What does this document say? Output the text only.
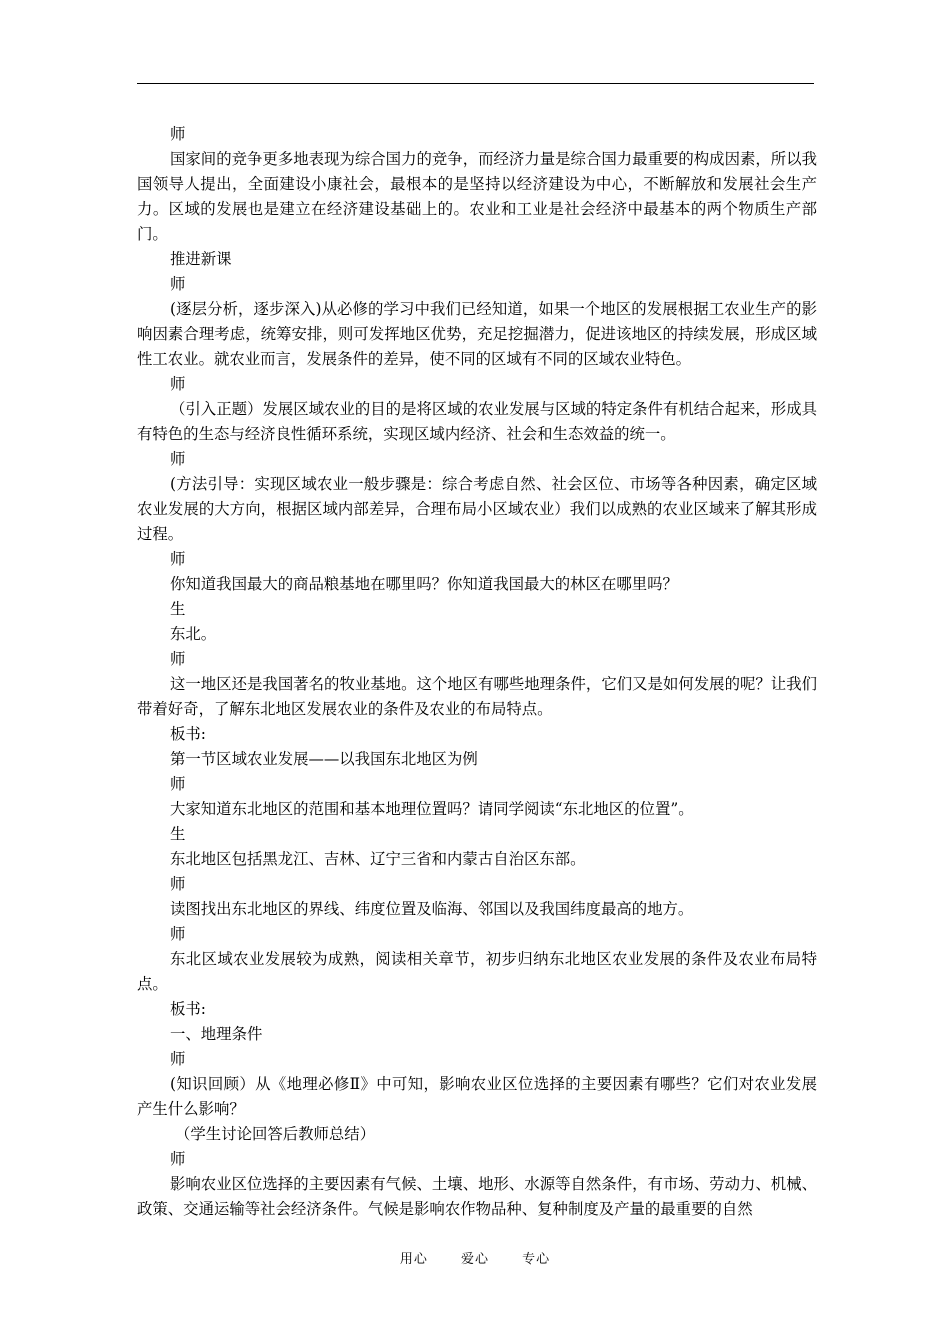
师

国家间的竞争更多地表现为综合国力的竞争，而经济力量是综合国力最重要的构成因素，所以我国领导人提出，全面建设小康社会，最根本的是坚持以经济建设为中心，不断解放和发展社会生产力。区域的发展也是建立在经济建设基础上的。农业和工业是社会经济中最基本的两个物质生产部门。

推进新课

师

(逐层分析，逐步深入)从必修的学习中我们已经知道，如果一个地区的发展根据工农业生产的影响因素合理考虑，统筹安排，则可发挥地区优势，充足挖掘潜力，促进该地区的持续发展，形成区域性工农业。就农业而言，发展条件的差异，使不同的区域有不同的区域农业特色。

师

（引入正题）发展区域农业的目的是将区域的农业发展与区域的特定条件有机结合起来，形成具有特色的生态与经济良性循环系统，实现区域内经济、社会和生态效益的统一。

师

(方法引导：实现区域农业一般步骤是：综合考虑自然、社会区位、市场等各种因素，确定区域农业发展的大方向，根据区域内部差异，合理布局小区域农业）我们以成熟的农业区域来了解其形成过程。

师

你知道我国最大的商品粮基地在哪里吗？你知道我国最大的林区在哪里吗？

生

东北。

师

这一地区还是我国著名的牧业基地。这个地区有哪些地理条件，它们又是如何发展的呢？让我们带着好奇，了解东北地区发展农业的条件及农业的布局特点。

板书:

第一节区域农业发展——以我国东北地区为例

师

大家知道东北地区的范围和基本地理位置吗？请同学阅读“东北地区的位置”。

生

东北地区包括黑龙江、吉林、辽宁三省和内蒙古自治区东部。

师

读图找出东北地区的界线、纬度位置及临海、邻国以及我国纬度最高的地方。

师

东北区域农业发展较为成熟，阅读相关章节，初步归纳东北地区农业发展的条件及农业布局特点。

板书:

一、地理条件

师

(知识回顾）从《地理必修Ⅱ》中可知，影响农业区位选择的主要因素有哪些？它们对农业发展产生什么影响？

（学生讨论回答后教师总结）

师

影响农业区位选择的主要因素有气候、土壤、地形、水源等自然条件，有市场、劳动力、机械、政策、交通运输等社会经济条件。气候是影响农作物品种、复种制度及产量的最重要的自然

用心	爱心	专心
